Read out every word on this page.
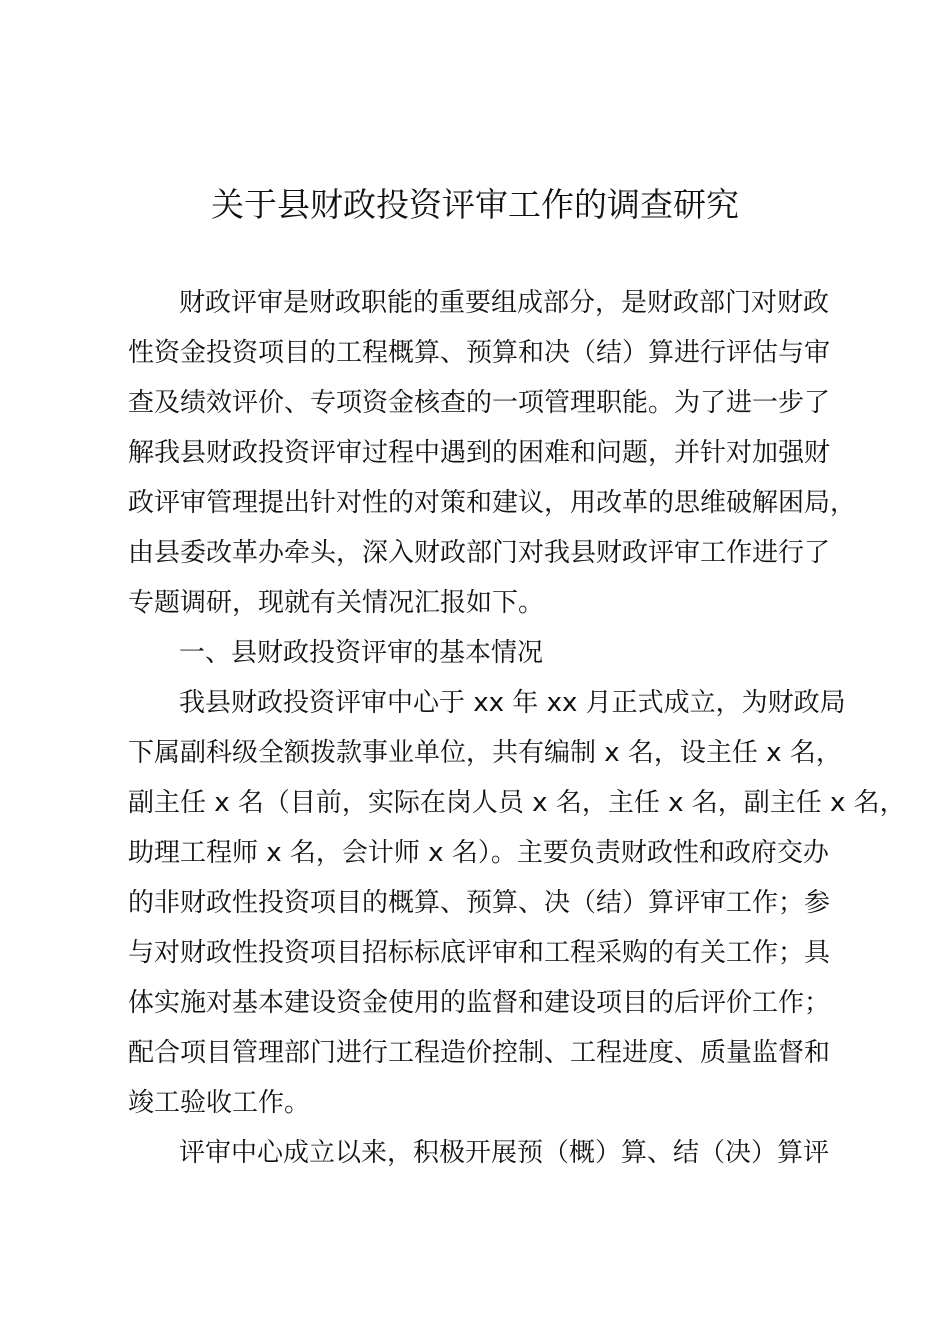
关于县财政投资评审工作的调查研究
财政评审是财政职能的重要组成部分，是财政部门对财政
性资金投资项目的工程概算、预算和决（结）算进行评估与审
查及绩效评价、专项资金核查的一项管理职能。为了进一步了
解我县财政投资评审过程中遇到的困难和问题，并针对加强财
政评审管理提出针对性的对策和建议，用改革的思维破解困局，
由县委改革办牵头，深入财政部门对我县财政评审工作进行了
专题调研，现就有关情况汇报如下。
一、县财政投资评审的基本情况
我县财政投资评审中心于 xx 年 xx 月正式成立，为财政局
下属副科级全额拨款事业单位，共有编制 x 名，设主任 x 名，
副主任 x 名（目前，实际在岗人员 x 名，主任 x 名，副主任 x 名，
助理工程师 x 名，会计师 x 名）。主要负责财政性和政府交办
的非财政性投资项目的概算、预算、决（结）算评审工作；参
与对财政性投资项目招标标底评审和工程采购的有关工作；具
体实施对基本建设资金使用的监督和建设项目的后评价工作；
配合项目管理部门进行工程造价控制、工程进度、质量监督和
竣工验收工作。
评审中心成立以来，积极开展预（概）算、结（决）算评
